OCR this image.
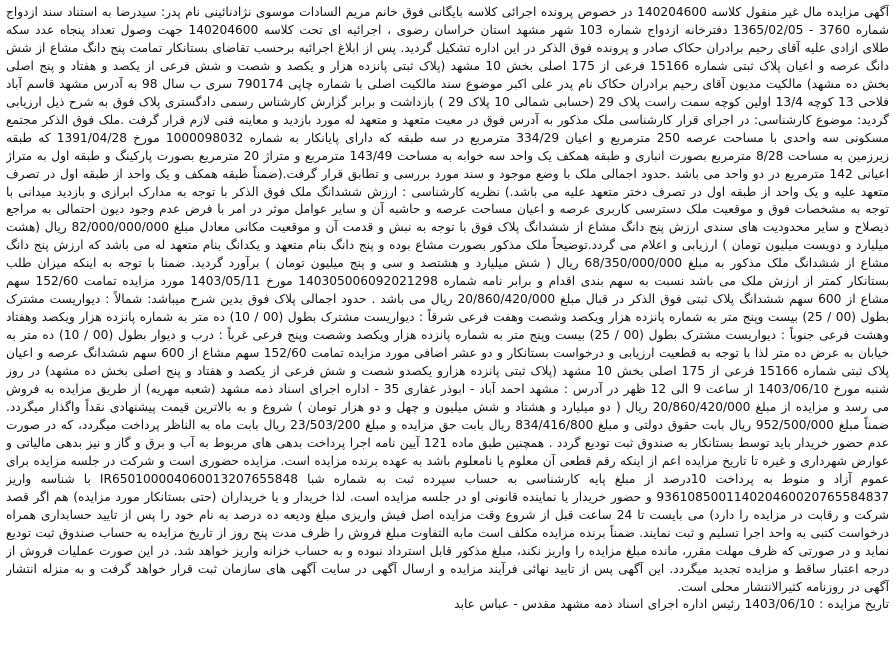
آگهی مزایده مال غیر منقول کلاسه 140204600 در خصوص پرونده اجرائی کلاسه بایگانی فوق خانم مریم السادات موسوی نژادنائینی نام پدر: سیدرضا به استناد سند ازدواج شماره 3760 - 1365/02/05 دفترخانه ازدواج شماره 103 شهر مشهد استان خراسان رضوی ، اجرائیه ای تحت کلاسه 140204600 جهت وصول تعداد پنجاه عدد سکه طلای ازادی علیه آقای رحیم برادران حکاک صادر و پرونده فوق الذکر در این اداره تشکیل گردید. پس از ابلاغ اجرائیه برحسب تقاضای بستانکار تمامت پنج دانگ مشاع از شش دانگ عرصه و اعیان پلاک ثبتی شماره 15166 فرعی از 175 اصلی بخش 10 مشهد (پلاک ثبتی پانزده هزار و یکصد و شصت و شش فرعی از یکصد و هفتاد و پنج اصلی بخش ده مشهد) مالکیت مدیون آقای رحیم برادران حکاک نام پدر علی اکبر موضوع سند مالکیت اصلی با شماره چاپی 790174 سری ب سال 98 به آدرس مشهد قاسم آباد فلاحی 13 کوچه 13/4 اولین کوچه سمت راست پلاک 29 (حسابی شمالی 10 پلاک 29 ) بازداشت و برابر گزارش کارشناس رسمی دادگستری پلاک فوق به شرح ذیل ارزیابی گردید: موضوع کارشناسی: در اجرای قرار کارشناسی ملک مذکور به آدرس فوق در معیت متعهد و متعهد له مورد بازدید و معاینه فنی لازم قرار گرفت .ملک فوق الذکر مجتمع مسکونی سه واحدی با مساحت عرصه 250 مترمربع و اعیان 334/29 مترمربع در سه طبقه که دارای پایانکار به شماره 1000098032 مورخ 1391/04/28 که طبقه زیرزمین به مساحت 8/28 مترمربع بصورت انباری و طبقه همکف یک واحد سه خوابه به مساحت 143/49 مترمربع و متراژ 20 مترمربع بصورت پارکینگ و طبقه اول به متراژ اعیانی 142 مترمربع در دو واحد می باشد .حدود اجمالی ملک با وضع موجود و سند مورد بررسی و تطابق قرار گرفت.(ضمناً طبقه همکف و یک واحد از طبقه اول در تصرف متعهد علیه و یک واحد از طبقه اول در تصرف دختر متعهد علیه می باشد.) نظریه کارشناسی : ارزش ششدانگ ملک فوق الذکر با توجه به مدارک ابرازی و بازدید میدانی با توجه به مشخصات فوق و موقعیت ملک دسترسی کاربری عرصه و اعیان مساحت عرصه و حاشیه آن و سایر عوامل موثر در امر با فرض عدم وجود دیون احتمالی به مراجع ذیصلاح و سایر محدودیت های سندی ارزش پنج دانگ مشاع از ششدانگ پلاک فوق با توجه به نبش و قدمت آن و موقعیت مکانی معادل مبلغ 82/000/000/000 ریال (هشت میلیارد و دویست میلیون تومان ) ارزیابی و اعلام می گردد.توضیحاً ملک مذکور بصورت مشاع بوده و پنج دانگ بنام متعهد و یکدانگ بنام متعهد له می باشد که ارزش پنج دانگ مشاع از ششدانگ ملک مذکور به مبلغ 68/350/000/000 ریال ( شش میلیارد و هشتصد و سی و پنج میلیون تومان ) برآورد گردید. ضمنا با توجه به اینکه میزان طلب بستانکار کمتر از ارزش ملک می باشد نسبت به سهم بندی اقدام و برابر نامه شماره 140305006092021298 مورخ 1403/05/11 مورد مزایده تمامت 152/60 سهم مشاع از 600 سهم ششدانگ پلاک ثبتی فوق الذکر در قبال مبلغ 20/860/420/000 ریال می باشد . حدود اجمالی پلاک فوق بدین شرح میباشد: شمالاً : دیواریست مشترک بطول (00 / 25) بیست وپنج متر به شماره پانزده هزار ویکصد وشصت وهفت فرعی شرقاً : دیواریست مشترک بطول (00 / 10) ده متر به شماره پانزده هزار ویکصد وهفتاد وهشت فرعی جنوباً : دیواریست مشترک بطول (00 / 25) بیست وپنج متر به شماره پانزده هزار ویکصد وشصت وپنج فرعی غرباً : درب و دیوار بطول (00 / 10) ده متر به خیابان به عرض ده متر لذا با توجه به قطعیت ارزیابی و درخواست بستانکار و دو عشر اضافی مورد مزایده تمامت 152/60 سهم مشاع از 600 سهم ششدانگ عرصه و اعیان پلاک ثبتی شماره 15166 فرعی از 175 اصلی بخش 10 مشهد (پلاک ثبتی پانزده هزارو یکصدو شصت و شش فرعی از یکصد و هفتاد و پنج اصلی بخش ده مشهد) در روز شنبه مورخ 1403/06/10 از ساعت 9 الی 12 ظهر در آدرس : مشهد احمد آباد - ابوذر غفاری 35 - اداره اجرای اسناد ذمه مشهد (شعبه مهریه) از طریق مزایده به فروش می رسد و مزایده از مبلغ 20/860/420/000 ریال ( دو میلیارد و هشتاد و شش میلیون و چهل و دو هزار تومان ) شروع و به بالاترین قیمت پیشنهادی نقداً واگذار میگردد. ضمناً مبلغ 952/500/000 ریال بابت حقوق دولتی و مبلغ 834/416/800 ریال بابت حق مزایده و مبلغ 23/503/200 ریال بابت ماه به الناظر پرداخت میگردد، که در صورت عدم حضور خریدار باید توسط بستانکار به صندوق ثبت تودیع گردد . همچنین طبق ماده 121 آیین نامه اجرا پرداخت بدهی های مربوط به آب و برق و گاز و نیز بدهی مالیاتی و عوارض شهرداری و غیره تا تاریخ مزایده اعم از اینکه رقم قطعی آن معلوم یا نامعلوم باشد به عهده برنده مزایده است. مزایده حضوری است و شرکت در جلسه مزایده برای عموم آزاد و منوط به پرداخت 10درصد از مبلغ پایه کارشناسی به حساب سپرده ثبت به شماره شبا IR650100004060013207655848 با شناسه واریز 936108500114020460020765584837 و حضور خریدار یا نماینده قانونی او در جلسه مزایده است. لذا خریدار و یا خریداران (حتی بستانکار مورد مزایده) هم اگر قصد شرکت و رقابت در مزایده را دارد) می بایست تا 24 ساعت قبل از شروع وقت مزایده اصل فیش واریزی مبلغ ودیعه ده درصد به نام خود را پس از تایید حسابداری همراه درخواست کتبی به واحد اجرا تسلیم و ثبت نمایند. ضمناً برنده مزایده مکلف است مابه التفاوت مبلغ فروش را ظرف مدت پنج روز از تاریخ مزایده به حساب صندوق ثبت تودیع نماید و در صورتی که ظرف مهلت مقرر، مانده مبلغ مزایده را واریز نکند، مبلغ مذکور قابل استرداد نبوده و به حساب خزانه واریز خواهد شد. در این صورت عملیات فروش از درجه اعتبار ساقط و مزایده تجدید میگردد. این آگهی پس از تایید نهائی فرآیند مزایده و ارسال آگهی در سایت آگهی های سازمان ثبت قرار خواهد گرفت و به منزله انتشار آگهی در روزنامه کثیرالانتشار محلی است.

تاریخ مزایده : 1403/06/10 رئیس اداره اجرای اسناد ذمه مشهد مقدس - عباس عابد
